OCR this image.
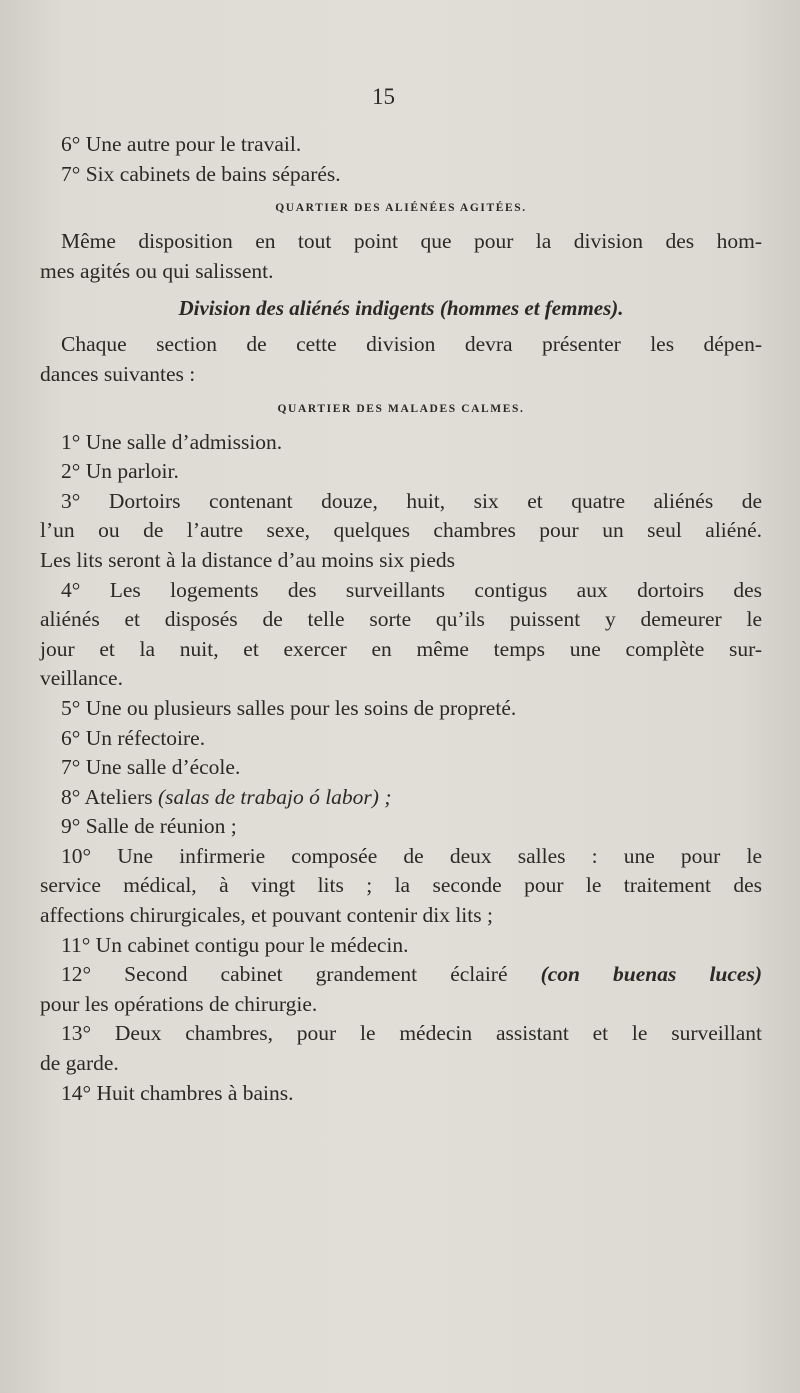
15
6° Une autre pour le travail.
7° Six cabinets de bains séparés.
QUARTIER DES ALIÉNÉES AGITÉES.
Même disposition en tout point que pour la division des hom-
mes agités ou qui salissent.
Division des aliénés indigents (hommes et femmes).
Chaque section de cette division devra présenter les dépen-
dances suivantes :
QUARTIER DES MALADES CALMES.
1° Une salle d’admission.
2° Un parloir.
3° Dortoirs contenant douze, huit, six et quatre aliénés de
l’un ou de l’autre sexe, quelques chambres pour un seul aliéné.
Les lits seront à la distance d’au moins six pieds
4° Les logements des surveillants contigus aux dortoirs des
aliénés et disposés de telle sorte qu’ils puissent y demeurer le
jour et la nuit, et exercer en même temps une complète sur-
veillance.
5° Une ou plusieurs salles pour les soins de propreté.
6° Un réfectoire.
7° Une salle d’école.
8° Ateliers (salas de trabajo ó labor) ;
9° Salle de réunion ;
10° Une infirmerie composée de deux salles : une pour le
service médical, à vingt lits ; la seconde pour le traitement des
affections chirurgicales, et pouvant contenir dix lits ;
11° Un cabinet contigu pour le médecin.
12° Second cabinet grandement éclairé (con buenas luces)
pour les opérations de chirurgie.
13° Deux chambres, pour le médecin assistant et le surveillant
de garde.
14° Huit chambres à bains.
